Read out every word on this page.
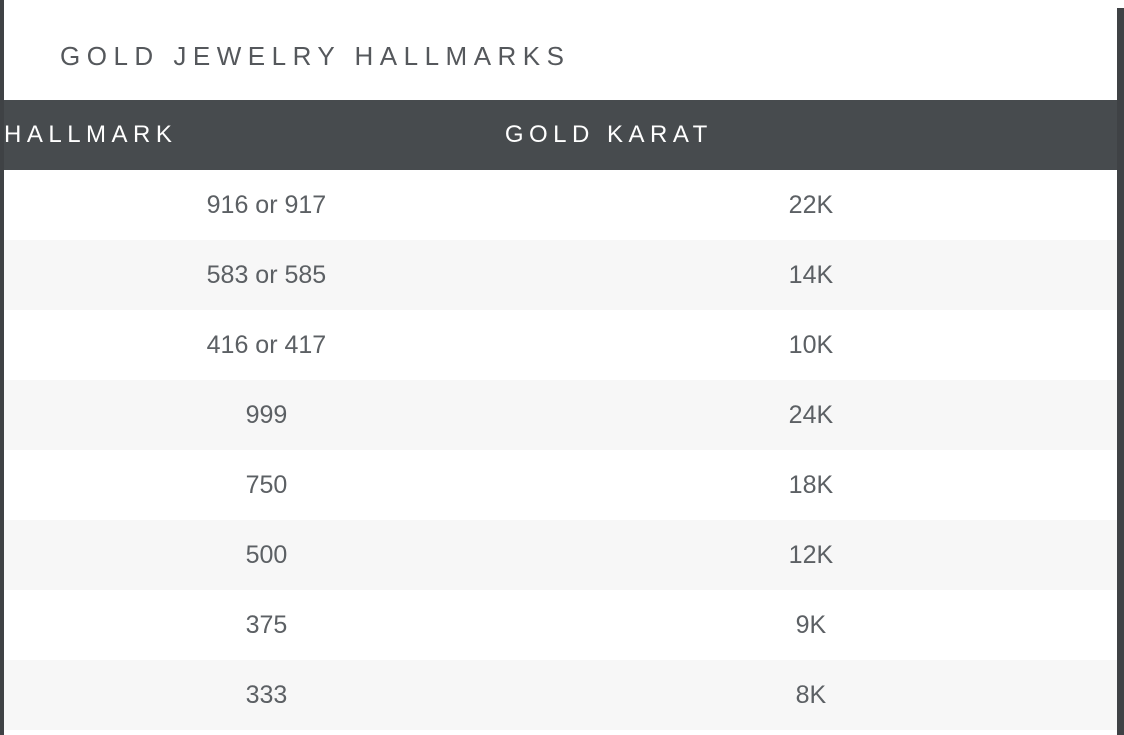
GOLD JEWELRY HALLMARKS
HALLMARK	GOLD KARAT
916 or 917	22K
583 or 585	14K
416 or 417	10K
999	24K
750	18K
500	12K
375	9K
333	8K
